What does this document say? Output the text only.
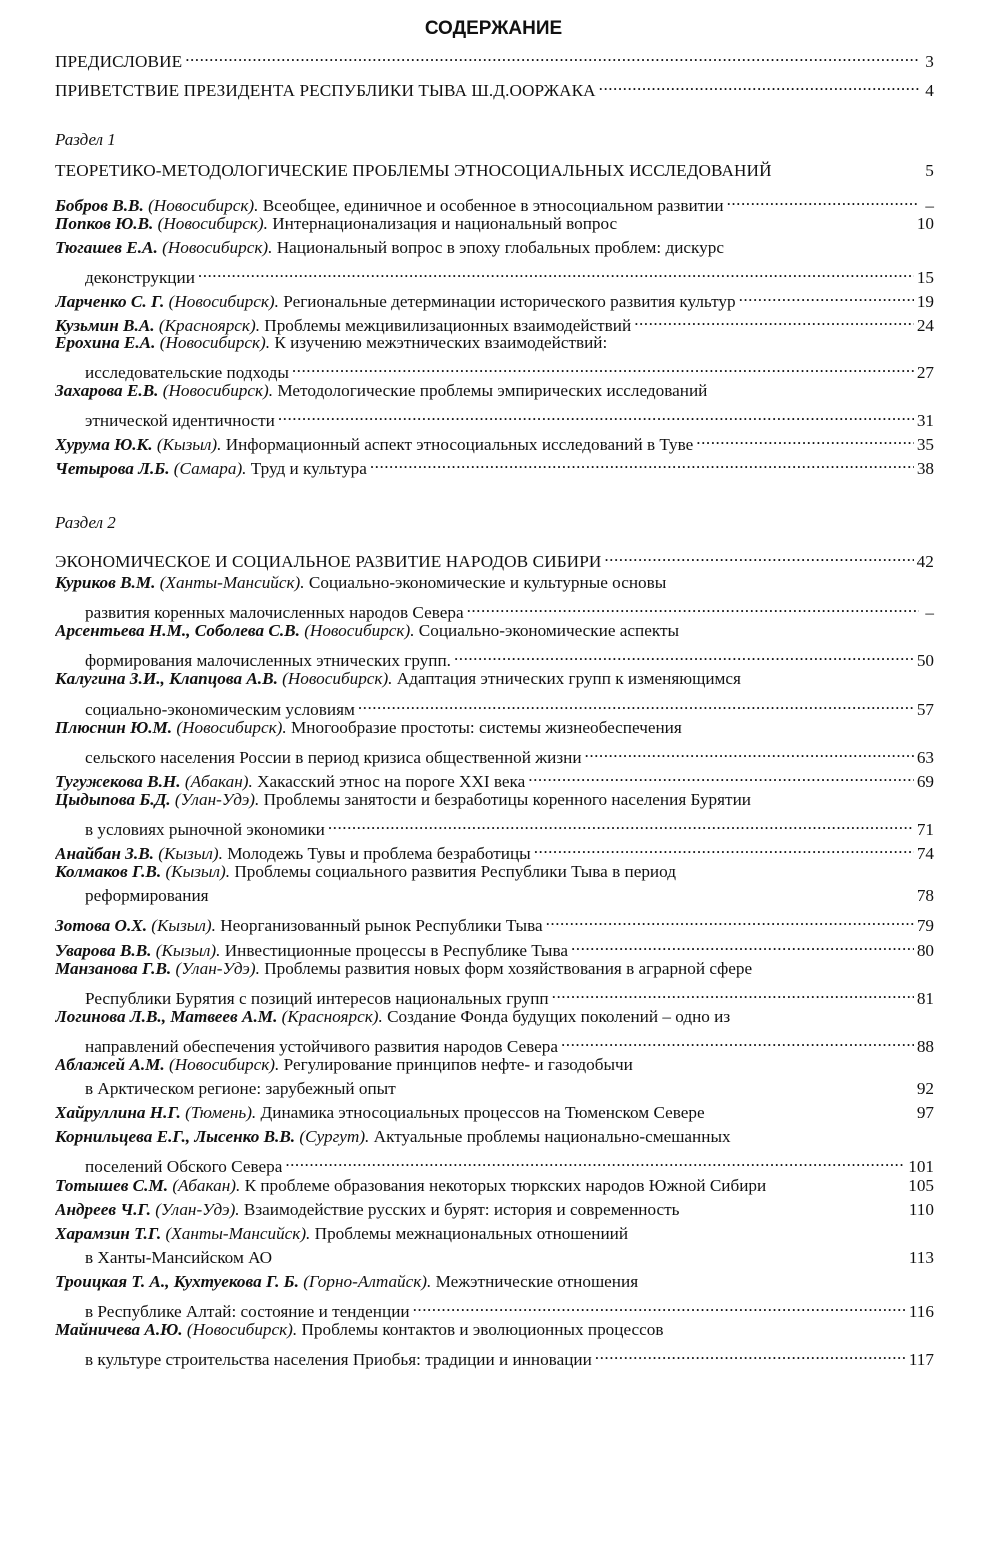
СОДЕРЖАНИЕ
ПРЕДИСЛОВИЕ .....	3
ПРИВЕТСТВИЕ ПРЕЗИДЕНТА РЕСПУБЛИКИ ТЫВА Ш.Д.ООРЖАКА .....	4
Раздел 1
ТЕОРЕТИКО-МЕТОДОЛОГИЧЕСКИЕ ПРОБЛЕМЫ ЭТНОСОЦИАЛЬНЫХ ИССЛЕДОВАНИЙ	5
Бобров В.В. (Новосибирск). Всеобщее, единичное и особенное в этносоциальном развитии .....	–
Попков Ю.В. (Новосибирск). Интернационализация и национальный вопрос	10
Тюгашев Е.А. (Новосибирск). Национальный вопрос в эпоху глобальных проблем: дискурс
деконструкции .....	15
Ларченко С. Г. (Новосибирск). Региональные детерминации исторического развития культур .....	19
Кузьмин В.А. (Красноярск). Проблемы межцивилизационных взаимодействий .....	24
Ерохина Е.А. (Новосибирск). К изучению межэтнических взаимодействий:
исследовательские подходы .....	27
Захарова Е.В. (Новосибирск). Методологические проблемы эмпирических исследований
этнической идентичности .....	31
Хурума Ю.К. (Кызыл). Информационный аспект этносоциальных исследований в Туве .....	35
Четырова Л.Б. (Самара). Труд и культура .....	38
Раздел 2
ЭКОНОМИЧЕСКОЕ И СОЦИАЛЬНОЕ РАЗВИТИЕ НАРОДОВ СИБИРИ .....	42
Куриков В.М. (Ханты-Мансийск). Социально-экономические и культурные основы
развития коренных малочисленных народов Севера .....	–
Арсентьева Н.М., Соболева С.В. (Новосибирск). Социально-экономические аспекты
формирования малочисленных этнических групп. .....	50
Калугина З.И., Клапцова А.В. (Новосибирск). Адаптация этнических групп к изменяющимся
социально-экономическим условиям .....	57
Плюснин Ю.М. (Новосибирск). Многообразие простоты: системы жизнеобеспечения
сельского населения России в период кризиса общественной жизни .....	63
Тугужекова В.Н. (Абакан). Хакасский этнос на пороге XXI века .....	69
Цыдыпова Б.Д. (Улан-Удэ). Проблемы занятости и безработицы коренного населения Бурятии
в условиях рыночной экономики .....	71
Анайбан З.В. (Кызыл). Молодежь Тувы и проблема безработицы .....	74
Колмаков Г.В. (Кызыл). Проблемы социального развития Республики Тыва в период
реформирования	78
Зотова О.Х. (Кызыл). Неорганизованный рынок Республики Тыва .....	79
Уварова В.В. (Кызыл). Инвестиционные процессы в Республике Тыва .....	80
Манзанова Г.В. (Улан-Удэ). Проблемы развития новых форм хозяйствования в аграрной сфере
Республики Бурятия с позиций интересов национальных групп .....	81
Логинова Л.В., Матвеев А.М. (Красноярск). Создание Фонда будущих поколений – одно из
направлений обеспечения устойчивого развития народов Севера .....	88
Аблажей А.М. (Новосибирск). Регулирование принципов нефте- и газодобычи
в Арктическом регионе: зарубежный опыт	92
Хайруллина Н.Г. (Тюмень). Динамика этносоциальных процессов на Тюменском Севере	97
Корнильцева Е.Г., Лысенко В.В. (Сургут). Актуальные проблемы национально-смешанных
поселений Обского Севера .....	101
Тотышев С.М. (Абакан). К проблеме образования некоторых тюркских народов Южной Сибири	105
Андреев Ч.Г. (Улан-Удэ). Взаимодействие русских и бурят: история и современность	110
Харамзин Т.Г. (Ханты-Мансийск). Проблемы межнациональных отношениий
в Ханты-Мансийском АО	113
Троицкая Т. А., Кухтуекова Г. Б. (Горно-Алтайск). Межэтнические отношения
в Республике Алтай: состояние и тенденции .....	116
Майничева А.Ю. (Новосибирск). Проблемы контактов и эволюционных процессов
в культуре строительства населения Приобья: традиции и инновации .....	117
